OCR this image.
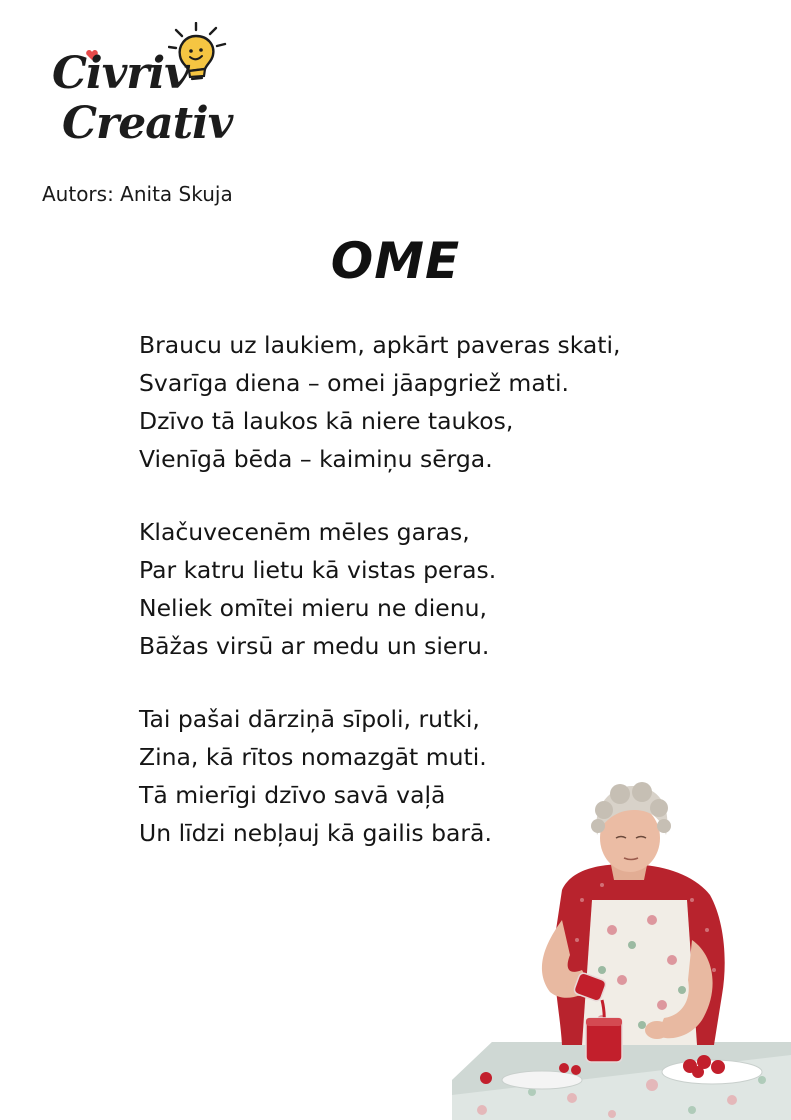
Civriv
Creativ
Autors: Anita Skuja
OME
Braucu uz laukiem, apkārt paveras skati,
Svarīga diena – omei jāapgriež mati.
Dzīvo tā laukos kā niere taukos,
Vienīgā bēda – kaimiņu sērga.
Klačuvecenēm mēles garas,
Par katru lietu kā vistas peras.
Neliek omītei mieru ne dienu,
Bāžas virsū ar medu un sieru.
Tai pašai dārziņā sīpoli, rutki,
Zina, kā rītos nomazgāt muti.
Tā mierīgi dzīvo savā vaļā
Un līdzi nebļauj kā gailis barā.
